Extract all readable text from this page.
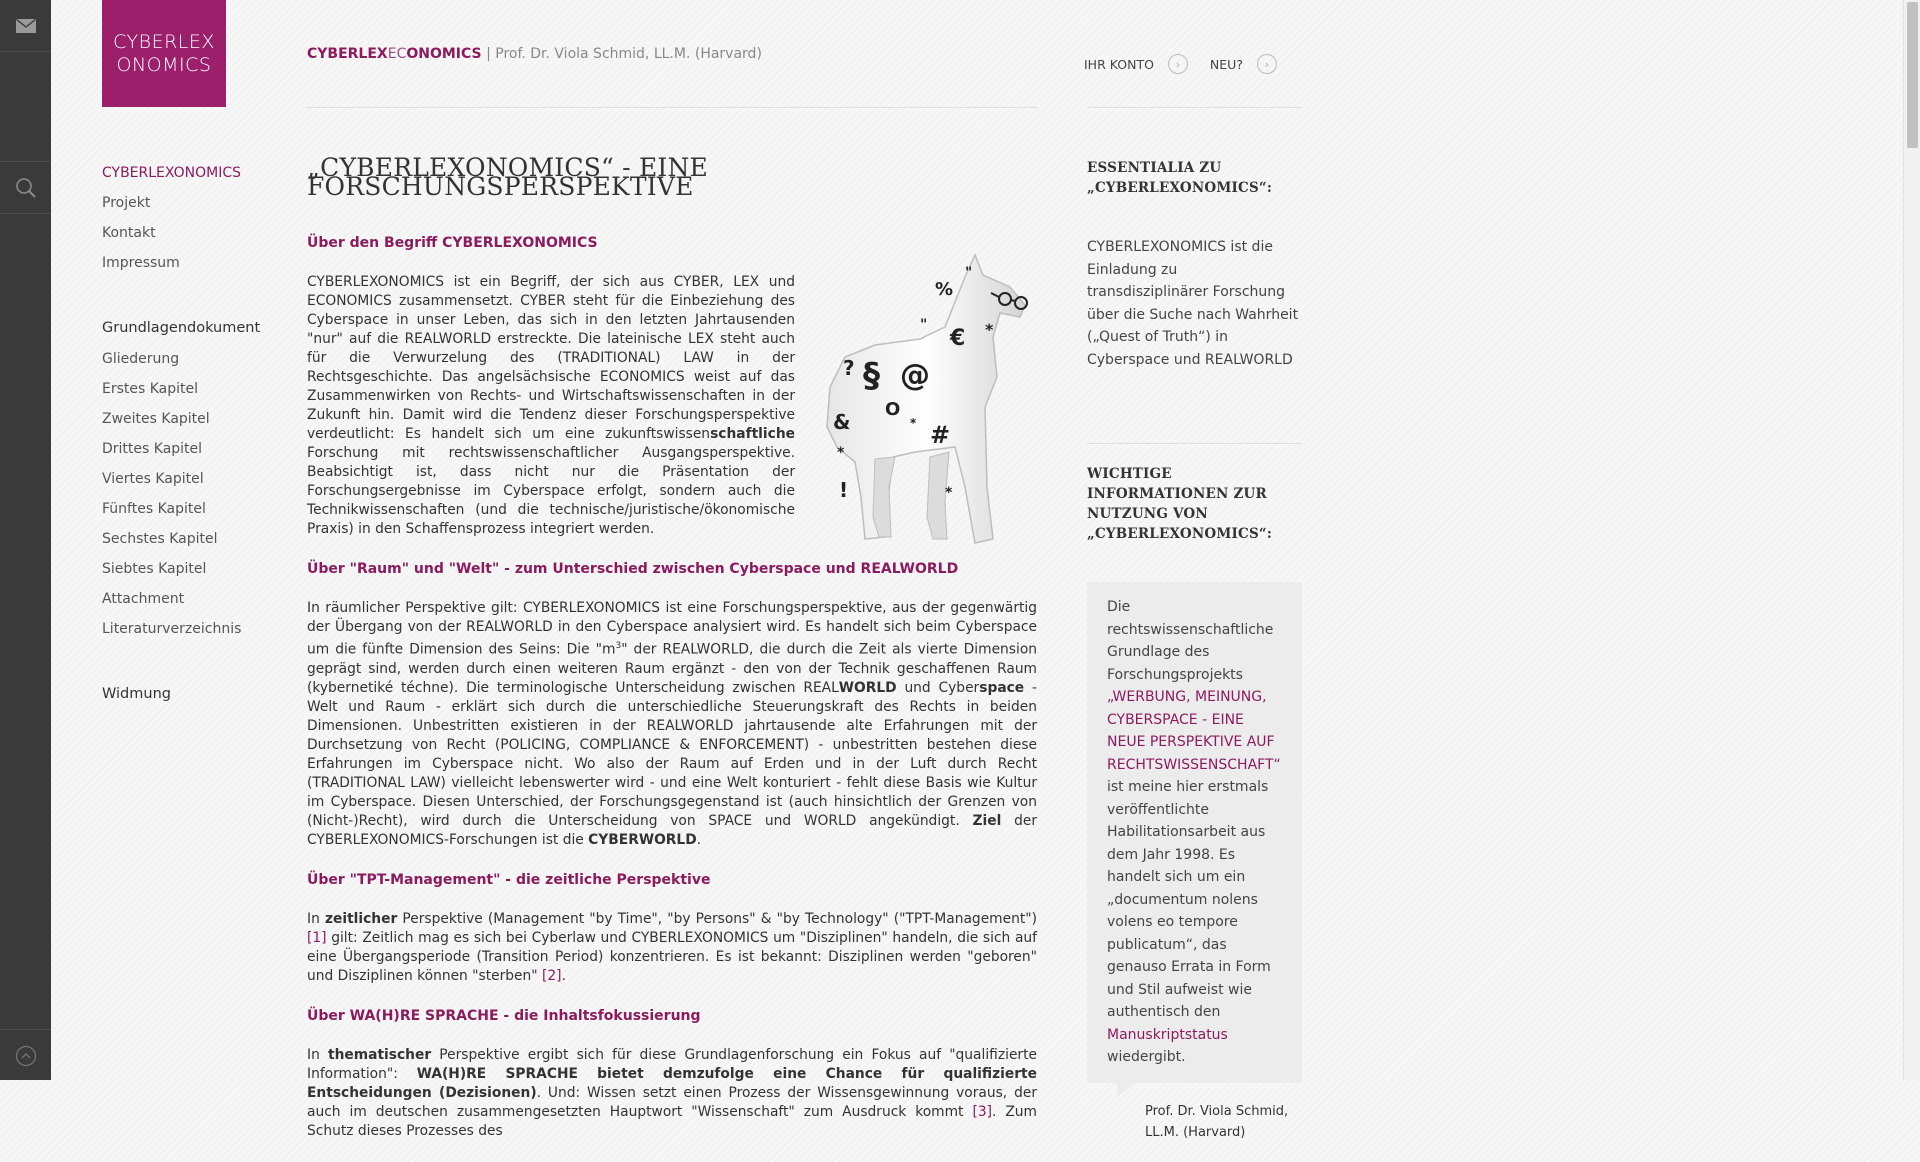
CYBERLEX
ONOMICS	CYBERLEXECONOMICS | Prof. Dr. Viola Schmid, LL.M. (Harvard)
IHR KONTO	›	NEU?	›
CYBERLEXONOMICS
Projekt
Kontakt
Impressum
Grundlagendokument
Gliederung
Erstes Kapitel
Zweites Kapitel
Drittes Kapitel
Viertes Kapitel
Fünftes Kapitel
Sechstes Kapitel
Siebtes Kapitel
Attachment
Literaturverzeichnis
Widmung
„CYBERLEXONOMICS“ - EINE FORSCHUNGSPERSPEKTIVE
Über den Begriff CYBERLEXONOMICS
%
"
€ *
"
§ @
?
O
#
&
*
!	*
*

CYBERLEXONOMICS ist ein Begriff, der sich aus CYBER, LEX und ECONOMICS zusammensetzt. CYBER steht für die Einbeziehung des Cyberspace in unser Leben, das sich in den letzten Jahrtausenden "nur" auf die REALWORLD erstreckte. Die lateinische LEX steht auch für die Verwurzelung des (TRADITIONAL) LAW in der Rechtsgeschichte. Das angelsächsische ECONOMICS weist auf das Zusammenwirken von Rechts- und Wirtschaftswissenschaften in der Zukunft hin. Damit wird die Tendenz dieser Forschungsperspektive verdeutlicht: Es handelt sich um eine zukunftswissenschaftliche Forschung mit rechtswissenschaftlicher Ausgangsperspektive. Beabsichtigt ist, dass nicht nur die Präsentation der Forschungsergebnisse im Cyberspace erfolgt, sondern auch die Technikwissenschaften (und die technische/juristische/ökonomische Praxis) in den Schaffensprozess integriert werden.

Über "Raum" und "Welt" - zum Unterschied zwischen Cyberspace und REALWORLD

In räumlicher Perspektive gilt: CYBERLEXONOMICS ist eine Forschungsperspektive, aus der gegenwärtig der Übergang von der REALWORLD in den Cyberspace analysiert wird. Es handelt sich beim Cyberspace um die fünfte Dimension des Seins: Die "$m^3$" der REALWORLD, die durch die Zeit als vierte Dimension geprägt sind, werden durch einen weiteren Raum ergänzt - den von der Technik geschaffenen Raum (kybernetiké téchne). Die terminologische Unterscheidung zwischen REALWORLD und Cyberspace - Welt und Raum - erklärt sich durch die unterschiedliche Steuerungskraft des Rechts in beiden Dimensionen. Unbestritten existieren in der REALWORLD jahrtausende alte Erfahrungen mit der Durchsetzung von Recht (POLICING, COMPLIANCE & ENFORCEMENT) - unbestritten bestehen diese Erfahrungen im Cyberspace nicht. Wo also der Raum auf Erden und in der Luft durch Recht (TRADITIONAL LAW) vielleicht lebenswerter wird - und eine Welt konturiert - fehlt diese Basis wie Kultur im Cyberspace. Diesen Unterschied, der Forschungsgegenstand ist (auch hinsichtlich der Grenzen von (Nicht-)Recht), wird durch die Unterscheidung von SPACE und WORLD angekündigt. Ziel der CYBERLEXONOMICS-Forschungen ist die CYBERWORLD.

Über "TPT-Management" - die zeitliche Perspektive

In zeitlicher Perspektive (Management "by Time", "by Persons" & "by Technology" ("TPT-Management") [1] gilt: Zeitlich mag es sich bei Cyberlaw und CYBERLEXONOMICS um "Disziplinen" handeln, die sich auf eine Übergangsperiode (Transition Period) konzentrieren. Es ist bekannt: Disziplinen werden "geboren" und Disziplinen können "sterben" [2].

Über WA(H)RE SPRACHE - die Inhaltsfokussierung

In thematischer Perspektive ergibt sich für diese Grundlagenforschung ein Fokus auf "qualifizierte Information": WA(H)RE SPRACHE bietet demzufolge eine Chance für qualifizierte Entscheidungen (Dezisionen). Und: Wissen setzt einen Prozess der Wissensgewinnung voraus, der auch im deutschen zusammengesetzten Hauptwort "Wissenschaft" zum Ausdruck kommt [3]. Zum Schutz dieses Prozesses des

ESSENTIALIA ZU „CYBERLEXONOMICS“:
CYBERLEXONOMICS ist die Einladung zu transdisziplinärer Forschung über die Suche nach Wahrheit („Quest of Truth“) in Cyberspace und REALWORLD
WICHTIGE INFORMATIONEN ZUR NUTZUNG VON „CYBERLEXONOMICS“:
Die rechtswissenschaftliche Grundlage des Forschungsprojekts „WERBUNG, MEINUNG, CYBERSPACE - EINE NEUE PERSPEKTIVE AUF RECHTSWISSENSCHAFT“ ist meine hier erstmals veröffentlichte Habilitationsarbeit aus dem Jahr 1998. Es handelt sich um ein „documentum nolens volens eo tempore publicatum“, das genauso Errata in Form und Stil aufweist wie authentisch den Manuskriptstatus wiedergibt.
Prof. Dr. Viola Schmid, LL.M. (Harvard)
